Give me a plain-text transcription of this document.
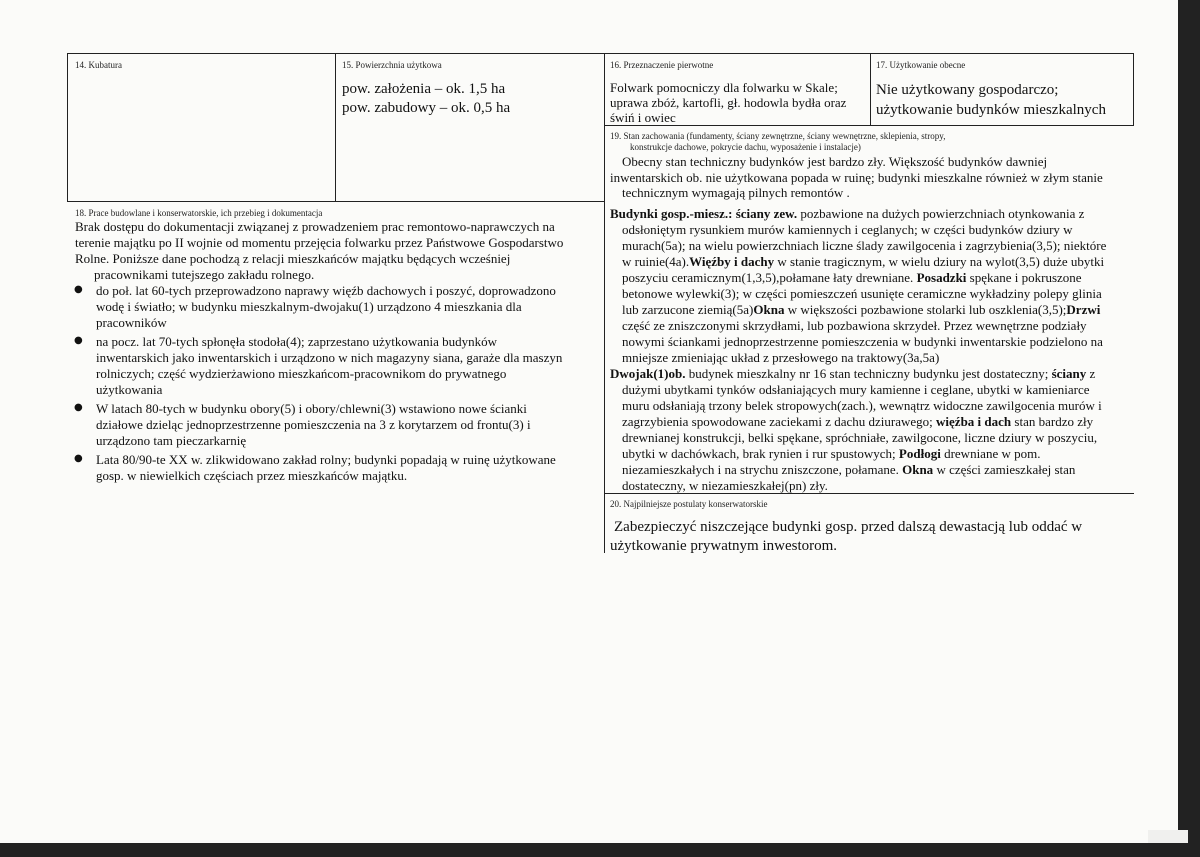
14. Kubatura	15. Powierzchnia użytkowa
pow. założenia – ok. 1,5 ha
pow. zabudowy – ok. 0,5 ha
16. Przeznaczenie pierwotne
Folwark pomocniczy dla folwarku w Skale;
uprawa zbóż, kartofli, gł. hodowla bydła oraz
świń i owiec
17. Użytkowanie obecne
Nie użytkowany gospodarczo;
użytkowanie budynków mieszkalnych
19. Stan zachowania (fundamenty, ściany zewnętrzne, ściany wewnętrzne, sklepienia, stropy,
konstrukcje dachowe, pokrycie dachu, wyposażenie i instalacje)
Obecny stan techniczny budynków jest bardzo zły. Większość budynków dawniej
inwentarskich ob. nie użytkowana popada w ruinę; budynki mieszkalne również w złym stanie
technicznym wymagają pilnych remontów .
Budynki gosp.-miesz.: ściany zew. pozbawione na dużych powierzchniach otynkowania z
odsłoniętym rysunkiem murów kamiennych i ceglanych; w części budynków dziury w
murach(5a); na wielu powierzchniach liczne ślady zawilgocenia i zagrzybienia(3,5); niektóre
w ruinie(4a).Więźby i dachy w stanie tragicznym, w wielu dziury na wylot(3,5) duże ubytki
poszyciu ceramicznym(1,3,5),połamane łaty drewniane. Posadzki spękane i pokruszone
betonowe wylewki(3); w części pomieszczeń usunięte ceramiczne wykładziny polepy glinia
lub zarzucone ziemią(5a)Okna w większości pozbawione stolarki lub oszklenia(3,5);Drzwi
część ze zniszczonymi skrzydłami, lub pozbawiona skrzydeł. Przez wewnętrzne podziały
nowymi ściankami jednoprzestrzenne pomieszczenia w budynki inwentarskie podzielono na
mniejsze zmieniając układ z przesłowego na traktowy(3a,5a)
Dwojak(1)ob. budynek mieszkalny nr 16 stan techniczny budynku jest dostateczny; ściany z
dużymi ubytkami tynków odsłaniających mury kamienne i ceglane, ubytki w kamieniarce
muru odsłaniają trzony belek stropowych(zach.), wewnątrz widoczne zawilgocenia murów i
zagrzybienia spowodowane zaciekami z dachu dziurawego; więźba i dach stan bardzo zły
drewnianej konstrukcji, belki spękane, spróchniałe, zawilgocone, liczne dziury w poszyciu,
ubytki w dachówkach, brak rynien i rur spustowych; Podłogi drewniane w pom.
niezamieszkałych i na strychu zniszczone, połamane. Okna w części zamieszkałej stan
dostateczny, w niezamieszkałej(pn) zły.
18. Prace budowlane i konserwatorskie, ich przebieg i dokumentacja
Brak dostępu do dokumentacji związanej z prowadzeniem prac remontowo-naprawczych na
terenie majątku po II wojnie od momentu przejęcia folwarku przez Państwowe Gospodarstwo
Rolne. Poniższe dane pochodzą z relacji mieszkańców majątku będących wcześniej
pracownikami tutejszego zakładu rolnego.
● do poł. lat 60-tych przeprowadzono naprawy więźb dachowych i poszyć, doprowadzono
wodę i światło; w budynku mieszkalnym-dwojaku(1) urządzono 4 mieszkania dla
pracowników
● na pocz. lat 70-tych spłonęła stodoła(4); zaprzestano użytkowania budynków
inwentarskich jako inwentarskich i urządzono w nich magazyny siana, garaże dla maszyn
rolniczych; część wydzierżawiono mieszkańcom-pracownikom do prywatnego
użytkowania
● W latach 80-tych w budynku obory(5) i obory/chlewni(3) wstawiono nowe ścianki
działowe dzieląc jednoprzestrzenne pomieszczenia na 3 z korytarzem od frontu(3) i
urządzono tam pieczarkarnię
● Lata 80/90-te XX w. zlikwidowano zakład rolny; budynki popadają w ruinę użytkowane
gosp. w niewielkich częściach przez mieszkańców majątku.
20. Najpilniejsze postulaty konserwatorskie
Zabezpieczyć niszczejące budynki gosp. przed dalszą dewastacją lub oddać w
użytkowanie prywatnym inwestorom.
